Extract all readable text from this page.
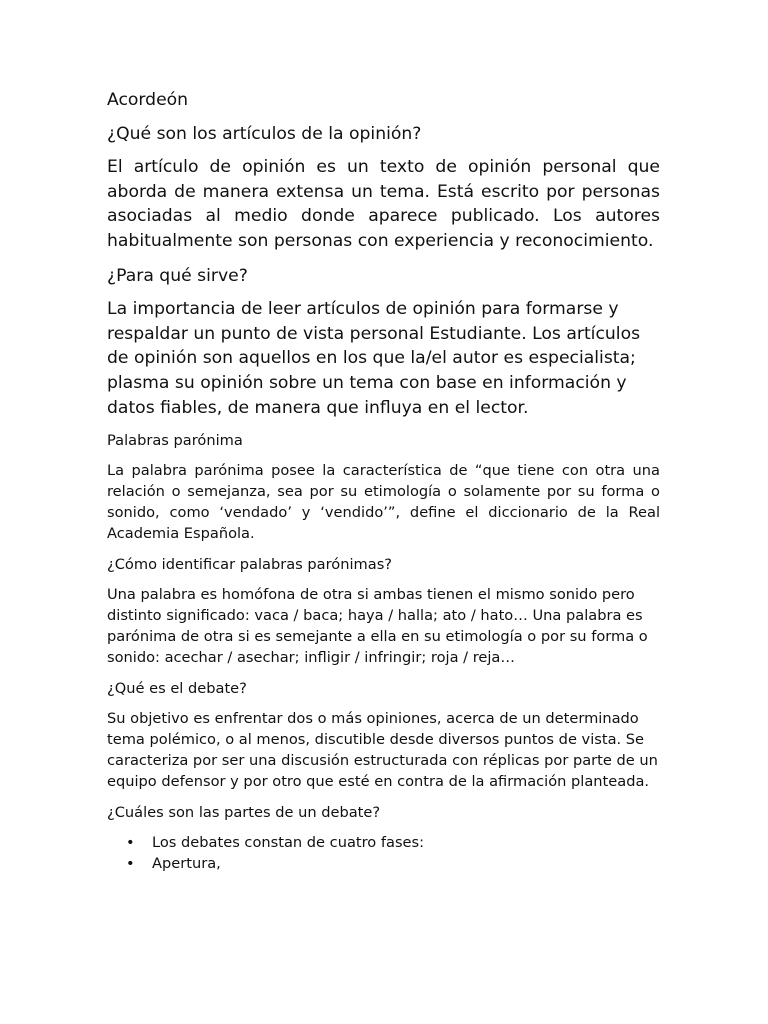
Acordeón

¿Qué son los artículos de la opinión?

El artículo de opinión es un texto de opinión personal que aborda de manera extensa un tema. Está escrito por personas asociadas al medio donde aparece publicado. Los autores habitualmente son personas con experiencia y reconocimiento.

¿Para qué sirve?

La importancia de leer artículos de opinión para formarse y respaldar un punto de vista personal Estudiante. Los artículos de opinión son aquellos en los que la/el autor es especialista; plasma su opinión sobre un tema con base en información y datos fiables, de manera que influya en el lector.

Palabras parónima

La palabra parónima posee la característica de “que tiene con otra una relación o semejanza, sea por su etimología o solamente por su forma o sonido, como ‘vendado’ y ‘vendido’”, define el diccionario de la Real Academia Española.

¿Cómo identificar palabras parónimas?

Una palabra es homófona de otra si ambas tienen el mismo sonido pero distinto significado: vaca / baca; haya / halla; ato / hato… Una palabra es parónima de otra si es semejante a ella en su etimología o por su forma o sonido: acechar / asechar; infligir / infringir; roja / reja…

¿Qué es el debate?

Su objetivo es enfrentar dos o más opiniones, acerca de un determinado tema polémico, o al menos, discutible desde diversos puntos de vista. Se caracteriza por ser una discusión estructurada con réplicas por parte de un equipo defensor y por otro que esté en contra de la afirmación planteada.

¿Cuáles son las partes de un debate?

• Los debates constan de cuatro fases:
• Apertura,
